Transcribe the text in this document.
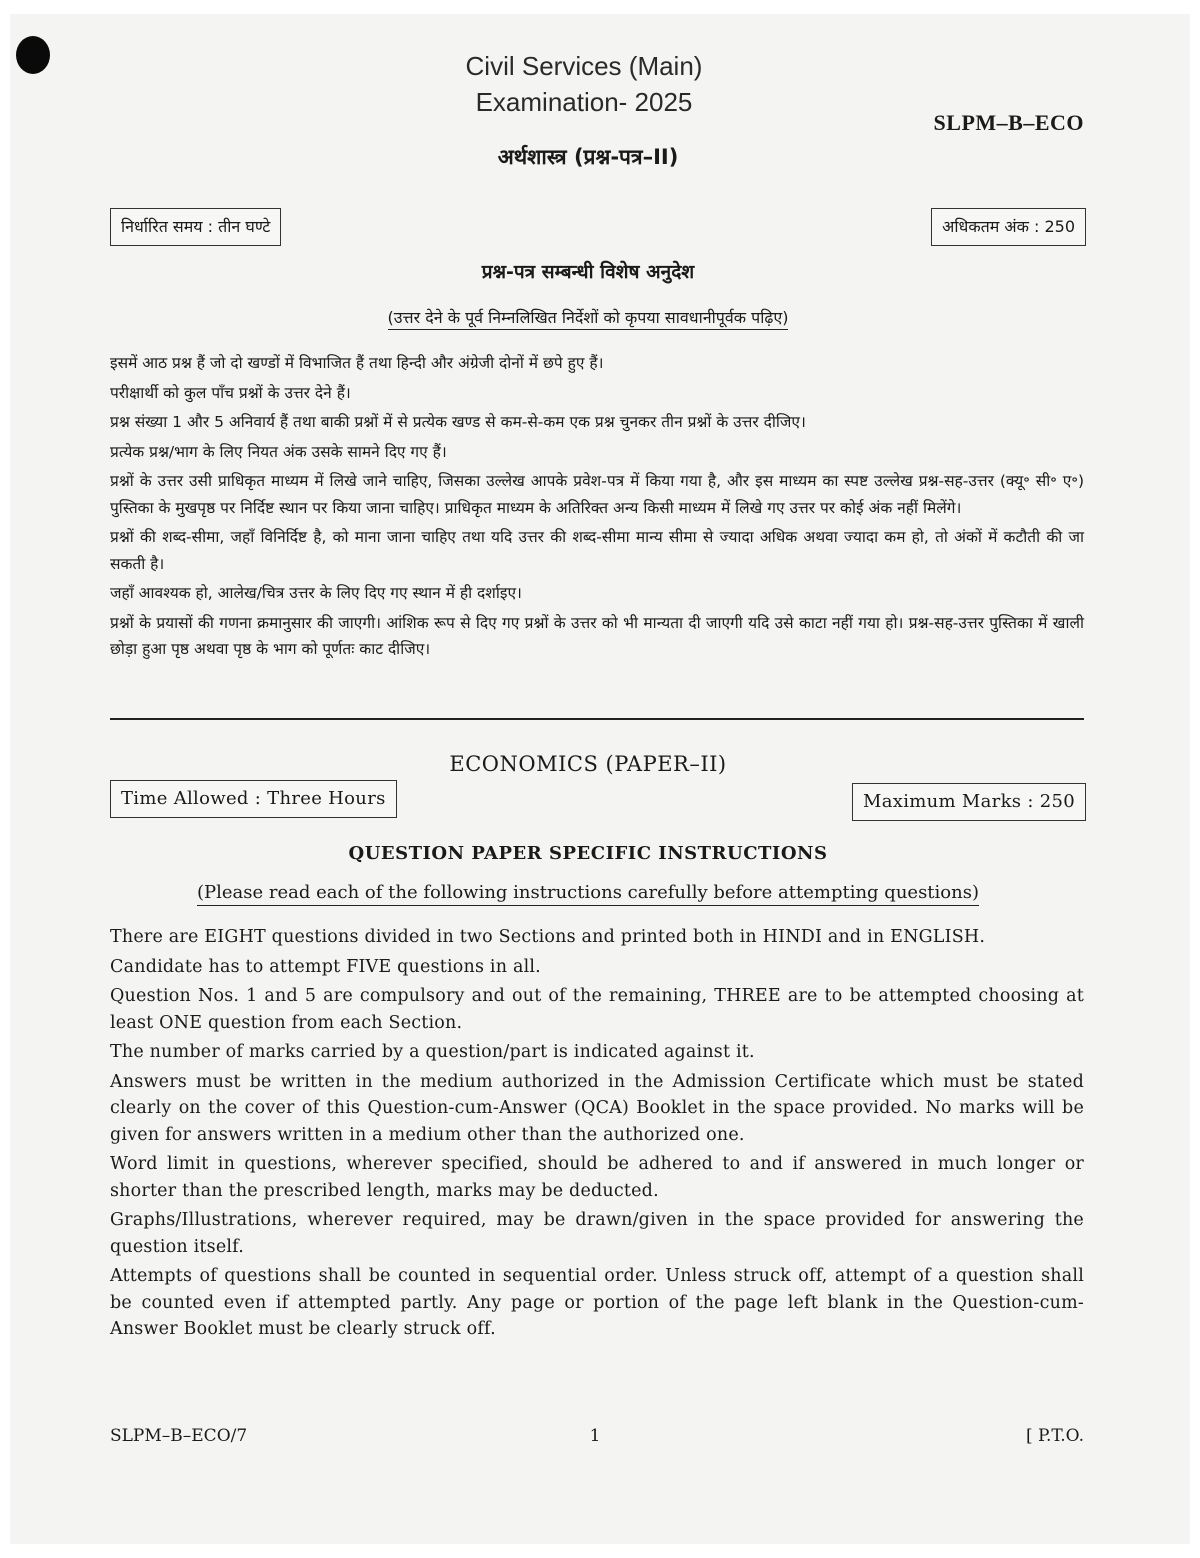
Civil Services (Main)
Examination- 2025
SLPM–B–ECO
अर्थशास्त्र (प्रश्न-पत्र–II)
निर्धारित समय : तीन घण्टे	अधिकतम अंक : 250
प्रश्न-पत्र सम्बन्धी विशेष अनुदेश
(उत्तर देने के पूर्व निम्नलिखित निर्देशों को कृपया सावधानीपूर्वक पढ़िए)

इसमें आठ प्रश्न हैं जो दो खण्डों में विभाजित हैं तथा हिन्दी और अंग्रेजी दोनों में छपे हुए हैं।

परीक्षार्थी को कुल पाँच प्रश्नों के उत्तर देने हैं।

प्रश्न संख्या 1 और 5 अनिवार्य हैं तथा बाकी प्रश्नों में से प्रत्येक खण्ड से कम-से-कम एक प्रश्न चुनकर तीन प्रश्नों के उत्तर दीजिए।

प्रत्येक प्रश्न/भाग के लिए नियत अंक उसके सामने दिए गए हैं।

प्रश्नों के उत्तर उसी प्राधिकृत माध्यम में लिखे जाने चाहिए, जिसका उल्लेख आपके प्रवेश-पत्र में किया गया है, और इस माध्यम का स्पष्ट उल्लेख प्रश्न-सह-उत्तर (क्यू॰ सी॰ ए॰) पुस्तिका के मुखपृष्ठ पर निर्दिष्ट स्थान पर किया जाना चाहिए। प्राधिकृत माध्यम के अतिरिक्त अन्य किसी माध्यम में लिखे गए उत्तर पर कोई अंक नहीं मिलेंगे।

प्रश्नों की शब्द-सीमा, जहाँ विनिर्दिष्ट है, को माना जाना चाहिए तथा यदि उत्तर की शब्द-सीमा मान्य सीमा से ज्यादा अधिक अथवा ज्यादा कम हो, तो अंकों में कटौती की जा सकती है।

जहाँ आवश्यक हो, आलेख/चित्र उत्तर के लिए दिए गए स्थान में ही दर्शाइए।

प्रश्नों के प्रयासों की गणना क्रमानुसार की जाएगी। आंशिक रूप से दिए गए प्रश्नों के उत्तर को भी मान्यता दी जाएगी यदि उसे काटा नहीं गया हो। प्रश्न-सह-उत्तर पुस्तिका में खाली छोड़ा हुआ पृष्ठ अथवा पृष्ठ के भाग को पूर्णतः काट दीजिए।

ECONOMICS (PAPER–II)
Time Allowed : Three Hours	Maximum Marks : 250
QUESTION PAPER SPECIFIC INSTRUCTIONS
(Please read each of the following instructions carefully before attempting questions)

There are EIGHT questions divided in two Sections and printed both in HINDI and in ENGLISH.

Candidate has to attempt FIVE questions in all.

Question Nos. 1 and 5 are compulsory and out of the remaining, THREE are to be attempted choosing at least ONE question from each Section.

The number of marks carried by a question/part is indicated against it.

Answers must be written in the medium authorized in the Admission Certificate which must be stated clearly on the cover of this Question-cum-Answer (QCA) Booklet in the space provided. No marks will be given for answers written in a medium other than the authorized one.

Word limit in questions, wherever specified, should be adhered to and if answered in much longer or shorter than the prescribed length, marks may be deducted.

Graphs/Illustrations, wherever required, may be drawn/given in the space provided for answering the question itself.

Attempts of questions shall be counted in sequential order. Unless struck off, attempt of a question shall be counted even if attempted partly. Any page or portion of the page left blank in the Question-cum-Answer Booklet must be clearly struck off.

SLPM–B–ECO/7	1	[ P.T.O.
